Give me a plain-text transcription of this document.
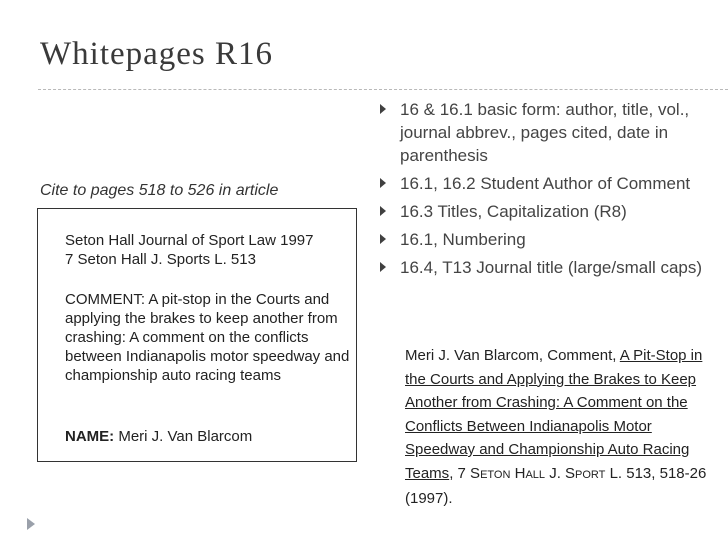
Whitepages R16
Cite to pages 518 to 526 in article

Seton Hall Journal of Sport Law 1997
7 Seton Hall J. Sports L. 513

COMMENT: A pit-stop in the Courts and applying the brakes to keep another from crashing: A comment on the conflicts between Indianapolis motor speedway and championship auto racing teams

NAME: Meri J. Van Blarcom

16 & 16.1 basic form: author, title, vol., journal abbrev., pages cited, date in parenthesis
16.1, 16.2 Student Author of Comment
16.3 Titles, Capitalization (R8)
16.1, Numbering
16.4, T13 Journal title (large/small caps)
Meri J. Van Blarcom, Comment, A Pit-Stop in the Courts and Applying the Brakes to Keep Another from Crashing: A Comment on the Conflicts Between Indianapolis Motor Speedway and Championship Auto Racing Teams, 7 SETON HALL J. SPORT L. 513, 518-26 (1997).
